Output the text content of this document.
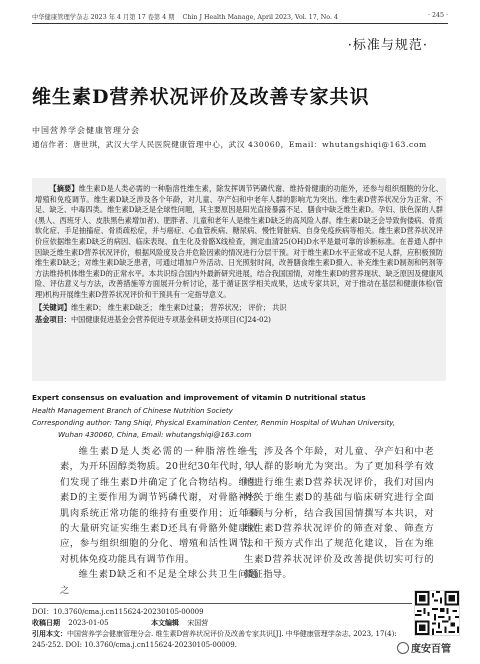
中华健康管理学杂志 2023 年 4 月第 17 卷第 4 期 Chin J Health Manage, April 2023, Vol. 17, No. 4	· 245 ·
·标准与规范·
维生素D营养状况评价及改善专家共识
中国营养学会健康管理分会
通信作者：唐世琪，武汉大学人民医院健康管理中心，武汉 430060，Email：whutangshiqi@163.com
【摘要】维生素D是人类必需的一种脂溶性维生素，除发挥调节钙磷代谢、维持骨健康的功能外，还参与组织细胞的分化、增殖和免疫调节。维生素D缺乏涉及各个年龄，对儿童、孕产妇和中老年人群的影响尤为突出。维生素D营养状况分为正常、不足、缺乏、中毒四类。维生素D缺乏是全球性问题，其主要原因是阳光直接暴露不足、膳食中缺乏维生素D。孕妇、肤色深的人群(黑人、西班牙人、皮肤黑色素增加者)、肥胖者、儿童和老年人是维生素D缺乏的高风险人群。维生素D缺乏会导致佝偻病、骨质软化症、手足抽搐症、骨质疏松症，并与癌症、心血管疾病、糖尿病、慢性肾脏病、自身免疫疾病等相关。维生素D营养状况评价应依据维生素D缺乏的病因、临床表现、血生化及骨骼X线检查，测定血清25(OH)D水平是最可靠的诊断标准。在普通人群中因缺乏维生素D营养状况评价，根据风险度及合并危险因素的情况进行分层干预。对于维生素D水平正常或不足人群，应积极预防维生素D缺乏；对维生素D缺乏患者，可通过增加户外活动、日光照射时间，改善膳食维生素D摄入、补充维生素D制剂和钙剂等方法维持机体维生素D的正常水平。本共识综合国内外最新研究进展，结合我国国情，对维生素D的营养现状、缺乏原因及健康风险、评估意义与方法，改善措施等方面展开分析讨论，基于循证医学相关成果，达成专家共识，对于推动在基层和健康体检(管理)机构开展维生素D营养状况评价和干预具有一定指导意义。
【关键词】维生素D； 维生素D缺乏； 维生素D过量； 营养状况； 评价； 共识
基金项目：中国健康促进基金会营养促进专项基金科研支持项目(CJ24-02)
Expert consensus on evaluation and improvement of vitamin D nutritional status
Health Management Branch of Chinese Nutrition Society
Corresponding author: Tang Shiqi, Physical Examination Center, Renmin Hospital of Wuhan University,
Wuhan 430060, China, Email: whutangshiqi@163.com

维生素D是人类必需的一种脂溶性维生素，为开环固醇类物质。20世纪30年代时，人们发现了维生素D并确定了化合物结构。维生素D的主要作用为调节钙磷代谢，对骨骼神经肌肉系统正常功能的维持有重要作用；近年来的大量研究证实维生素D还具有骨骼外健康效应，参与组织细胞的分化、增殖和活性调节，对机体免疫功能具有调节作用。

维生素D缺乏和不足是全球公共卫生问题之

一，涉及各个年龄，对儿童、孕产妇和中老年人群的影响尤为突出。为了更加科学有效地进行维生素D营养状况评价，我们对国内外关于维生素D的基础与临床研究进行全面回顾与分析，结合我国国情撰写本共识，对维生素D营养状况评价的筛查对象、筛查方法和干预方式作出了规范化建议，旨在为维生素D营养状况评价及改善提供切实可行的循证指导。

DOI：10.3760/cma.j.cn115624-20230105-00009
收稿日期 2023-01-05	本文编辑 宋国营
引用本文：中国营养学会健康管理分会. 维生素D营养状况评价及改善专家共识[J]. 中华健康管理学杂志, 2023, 17(4): 245-252. DOI: 10.3760/cma.j.cn115624-20230105-00009.	度安百管
